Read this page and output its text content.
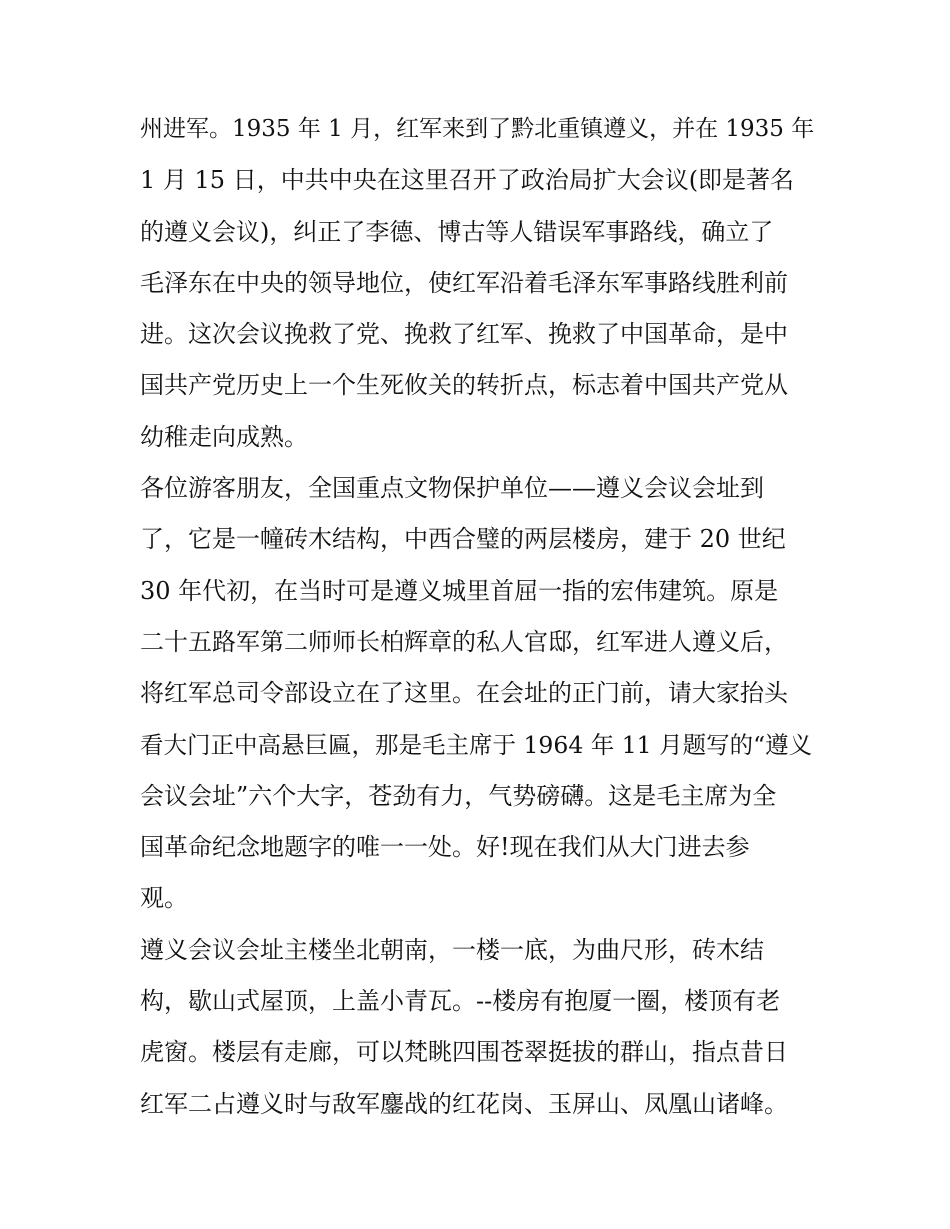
州进军。1935 年 1 月，红军来到了黔北重镇遵义，并在 1935 年
1 月 15 日，中共中央在这里召开了政治局扩大会议(即是著名
的遵义会议)，纠正了李德、博古等人错误军事路线，确立了
毛泽东在中央的领导地位，使红军沿着毛泽东军事路线胜利前
进。这次会议挽救了党、挽救了红军、挽救了中国革命，是中
国共产党历史上一个生死攸关的转折点，标志着中国共产党从
幼稚走向成熟。
各位游客朋友，全国重点文物保护单位——遵义会议会址到
了，它是一幢砖木结构，中西合璧的两层楼房，建于 20 世纪
30 年代初，在当时可是遵义城里首屈一指的宏伟建筑。原是
二十五路军第二师师长柏辉章的私人官邸，红军进人遵义后，
将红军总司令部设立在了这里。在会址的正门前，请大家抬头
看大门正中高悬巨匾，那是毛主席于 1964 年 11 月题写的“遵义
会议会址”六个大字，苍劲有力，气势磅礴。这是毛主席为全
国革命纪念地题字的唯一一处。好!现在我们从大门进去参
观。
遵义会议会址主楼坐北朝南，一楼一底，为曲尺形，砖木结
构，歇山式屋顶，上盖小青瓦。--楼房有抱厦一圈，楼顶有老
虎窗。楼层有走廊，可以梵眺四围苍翠挺拔的群山，指点昔日
红军二占遵义时与敌军鏖战的红花岗、玉屏山、凤凰山诸峰。
